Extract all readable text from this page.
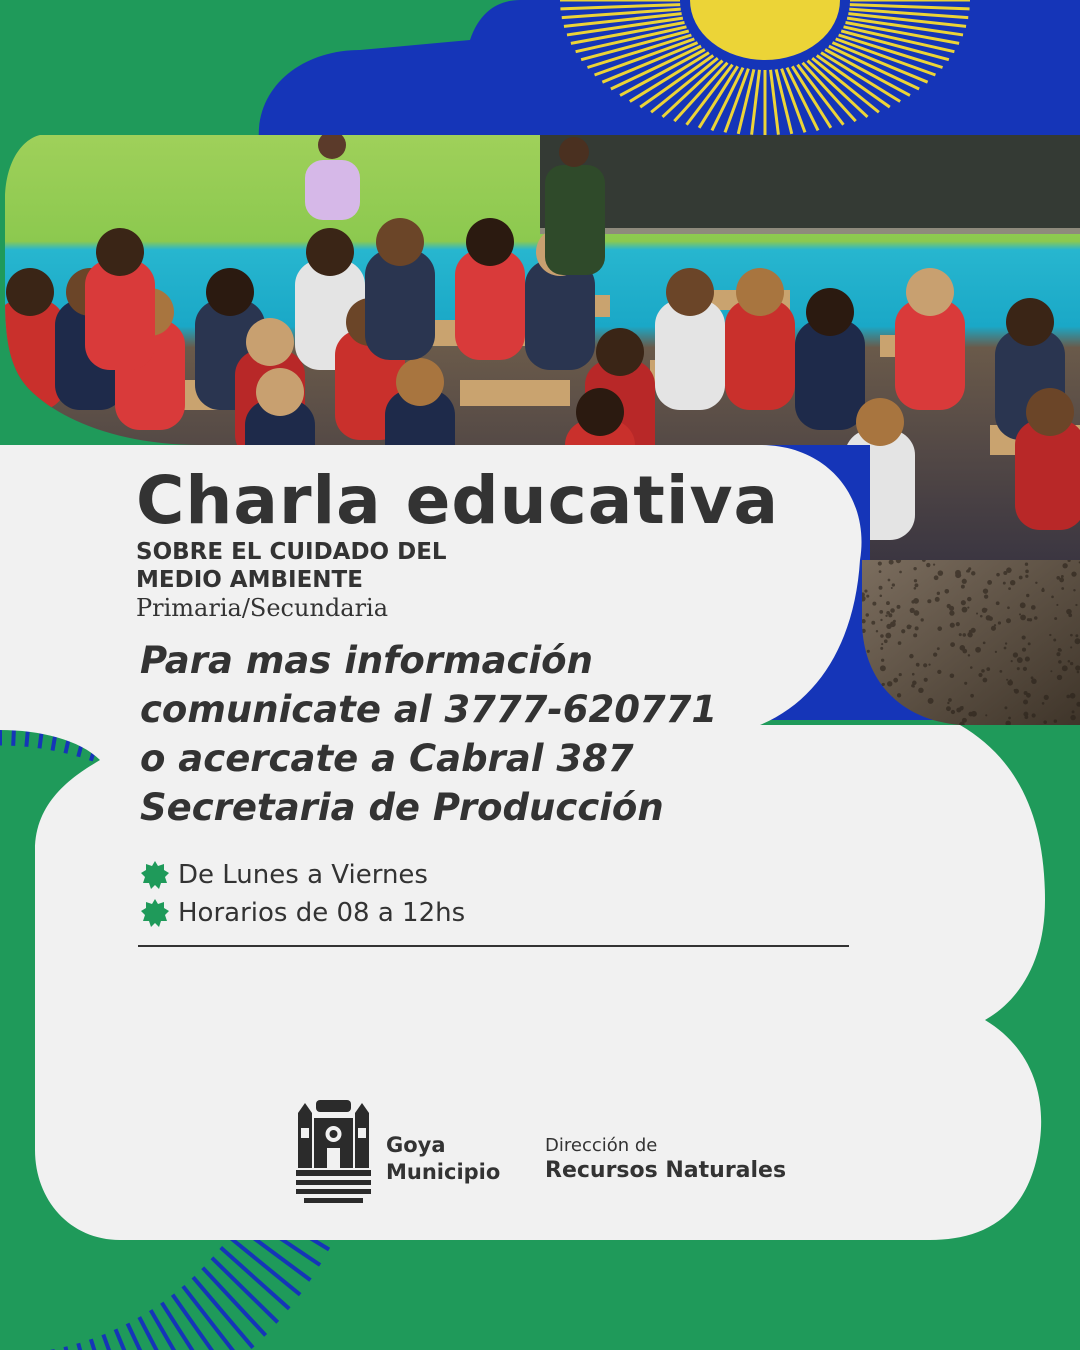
Charla educativa
SOBRE EL CUIDADO DEL
MEDIO AMBIENTE
Primaria/Secundaria
Para mas información
comunicate al 3777-620771
o acercate a Cabral 387
Secretaria de Producción
De Lunes a Viernes
Horarios de 08 a 12hs
Goya
Municipio
Dirección de
Recursos Naturales
